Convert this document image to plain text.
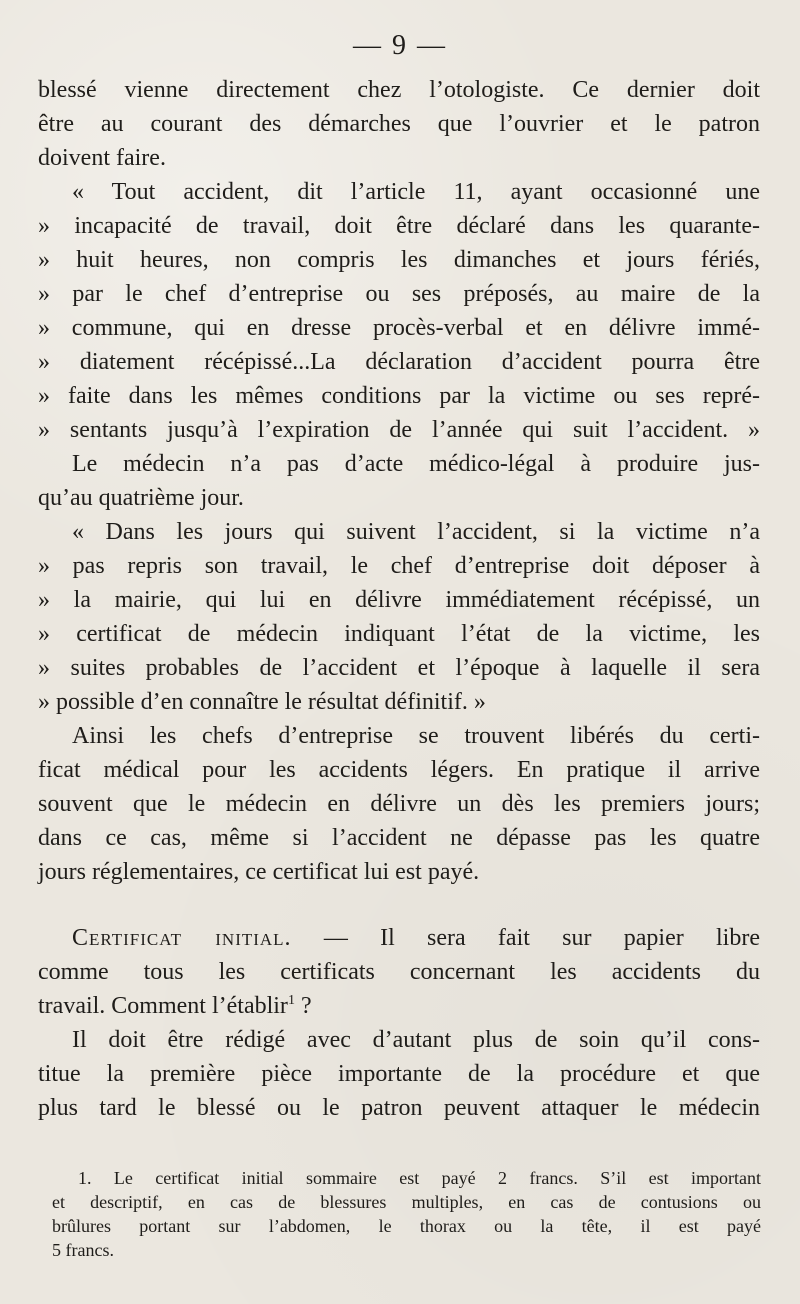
— 9 —
blessé vienne directement chez l’otologiste. Ce dernier doit
être au courant des démarches que l’ouvrier et le patron
doivent faire.
« Tout accident, dit l’article 11, ayant occasionné une
» incapacité de travail, doit être déclaré dans les quarante-
» huit heures, non compris les dimanches et jours fériés,
» par le chef d’entreprise ou ses préposés, au maire de la
» commune, qui en dresse procès-verbal et en délivre immé-
» diatement récépissé...La déclaration d’accident pourra être
» faite dans les mêmes conditions par la victime ou ses repré-
» sentants jusqu’à l’expiration de l’année qui suit l’accident. »
Le médecin n’a pas d’acte médico-légal à produire jus-
qu’au quatrième jour.
« Dans les jours qui suivent l’accident, si la victime n’a
» pas repris son travail, le chef d’entreprise doit déposer à
» la mairie, qui lui en délivre immédiatement récépissé, un
» certificat de médecin indiquant l’état de la victime, les
» suites probables de l’accident et l’époque à laquelle il sera
» possible d’en connaître le résultat définitif. »
Ainsi les chefs d’entreprise se trouvent libérés du certi-
ficat médical pour les accidents légers. En pratique il arrive
souvent que le médecin en délivre un dès les premiers jours;
dans ce cas, même si l’accident ne dépasse pas les quatre
jours réglementaires, ce certificat lui est payé.
Certificat initial. — Il sera fait sur papier libre
comme tous les certificats concernant les accidents du
travail. Comment l’établir$^1$ ?
Il doit être rédigé avec d’autant plus de soin qu’il cons-
titue la première pièce importante de la procédure et que
plus tard le blessé ou le patron peuvent attaquer le médecin
1. Le certificat initial sommaire est payé 2 francs. S’il est important
et descriptif, en cas de blessures multiples, en cas de contusions ou
brûlures portant sur l’abdomen, le thorax ou la tête, il est payé
5 francs.
